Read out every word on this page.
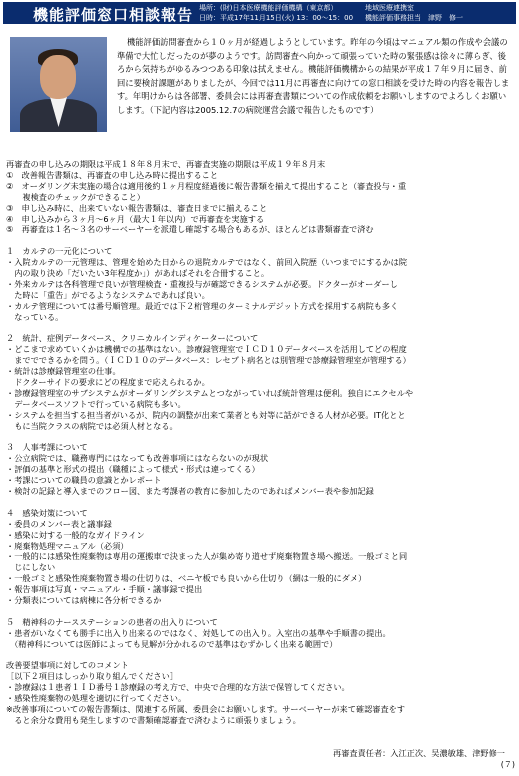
機能評価窓口相談報告 場所：(財)日本医療機能評価機構（東京都）
日時：平成17年11月15日(火) 13：00～15：00
地域医療連携室
機能評価事務担当　津野　修一
機能評価訪問審査から１０ヶ月が経過しようとしています。昨年の今頃はマニュアル類の作成や会議の準備で大忙しだったのが夢のようです。訪問審査へ向かって頑張っていた時の緊張感は徐々に薄らぎ、後ろから気持ちがゆるみつつある印象は拭えません。機能評価機構からの結果が平成１７年９月に届き、前回に要検討課題がありましたが、今回では11月に再審査に向けての窓口相談を受けた時の内容を報告します。年明けからは各部署、委員会には再審査書類についての作成依頼をお願いしますのでよろしくお願いします。（下記内容は2005.12.7の病院運営会議で報告したものです）
再審査の申し込みの期限は平成１８年８月末で、再審査実施の期限は平成１９年８月末
①　改善報告書類は、再審査の申し込み時に提出すること
②　オーダリング未実施の場合は適用後約１ヶ月程度経過後に報告書類を揃えて提出すること（審査投与・重
　　複検査のチェックができること）
③　申し込み時に、出来ていない報告書類は、審査日までに揃えること
④　申し込みから３ヶ月～6ヶ月（最大１年以内）で再審査を実施する
⑤　再審査は１名～３名のサーベーヤーを派遣し確認する場合もあるが、ほとんどは書類審査で済む
１　カルテの一元化について
・入院カルテの一元管理は、管理を始めた日からの退院カルテではなく、前回入院歴（いつまでにするかは院
　内の取り決め「だいたい3年程度か」）があればそれを合冊すること。
・外来カルテは各科管理で良いが管理検査・重複投与が確認できるシステムが必要。ドクターがオーダーし
　た時に「重告」がでるようなシステムであれば良い。
・カルテ管理については番号順管理。最近では下２桁管理のターミナルデジット方式を採用する病院も多く
　なっている。
２　統計、症例データベース、クリニカルインディケーターについて
・どこまで求めていくかは機構での基準はない。診療録管理室でＩＣＤ１０データベースを活用してどの程度
　まででできるかを問う。（ＩＣＤ１０のデータベース：レセプト病名とは別管理で診療録管理室が管理する）
・統計は診療録管理室の仕事。
　ドクターサイドの要求にどの程度まで応えられるか。
・診療録管理室のサブシステムがオーダリングシステムとつながっていれば統計管理は便利。独自にエクセルや
　データベースソフトで行っている病院も多い。
・システムを担当する担当者がいるが、院内の調整が出来て業者とも対等に話ができる人材が必要。IT化とと
　もに当院クラスの病院では必須人材となる。
３　人事考課について
・公立病院では、職務専門にはなっても改善事項にはならないのが現状
・評価の基準と形式の提出（職種によって様式・形式は違ってくる）
・考課についての職員の意識とかレポート
・検討の記録と導入までのフロー図、また考課者の教育に参加したのであればメンバー表や参加記録
４　感染対策について
・委員のメンバー表と議事録
・感染に対する一般的なガイドライン
・廃棄物処理マニュアル（必須）
・一般的には感染性廃棄物は専用の運搬車で決まった人が集め寄り道せず廃棄物置き場へ搬送。一般ゴミと同
　じにしない
・一般ゴミと感染性廃棄物置き場の仕切りは、ベニヤ板でも良いから仕切り（網は一般的にダメ）
・報告事項は写真・マニュアル・手順・議事録で提出
・分類表については病棟に各分析できるか
５　精神科のナースステーションの患者の出入りについて
・患者がいなくても勝手に出入り出来るのではなく、対処しての出入り。入室出の基準や手順書の提出。
　（精神科については医師によっても見解が分かれるので基準はむずかしく出来る範囲で）
改善要望事項に対してのコメント
［以下２項目はしっかり取り組んでください］
・診療録は１患者１ＩＤ番号１診療録の考え方で、中央で合理的な方法で保管してください。
・感染性廃棄物の処理を適切に行ってください。
※改善事項についての報告書類は、関連する所属、委員会にお願いします。サーベーヤーが来て確認審査をす
　ると余分な費用も発生しますので書類確認審査で済むように頑張りましょう。
再審査責任者：入江正次、吴濃敏雄、津野修一
(７)
